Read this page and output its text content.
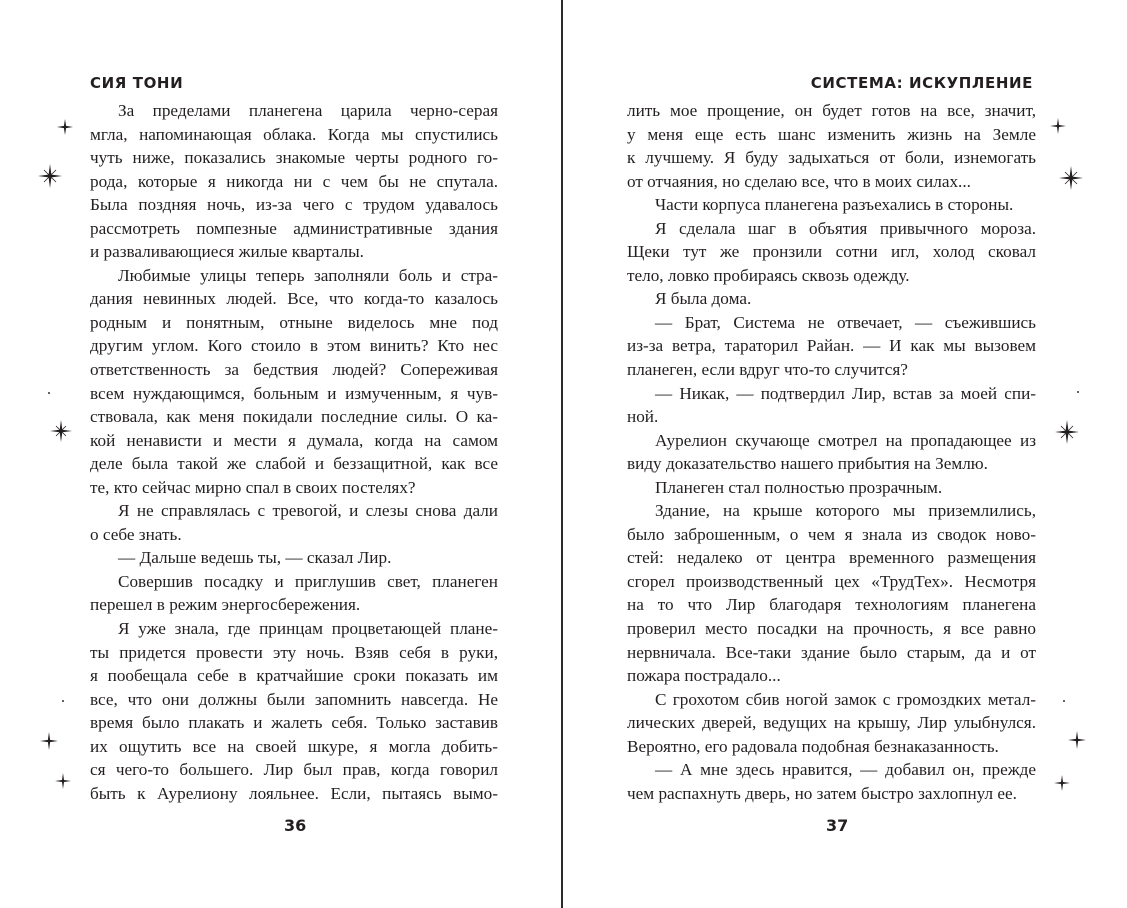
СИЯ ТОНИ
За пределами планегена царила черно-серая
мгла, напоминающая облака. Когда мы спустились
чуть ниже, показались знакомые черты родного го-
рода, которые я никогда ни с чем бы не спутала.
Была поздняя ночь, из-за чего с трудом удавалось
рассмотреть помпезные административные здания
и разваливающиеся жилые кварталы.
Любимые улицы теперь заполняли боль и стра-
дания невинных людей. Все, что когда-то казалось
родным и понятным, отныне виделось мне под
другим углом. Кого стоило в этом винить? Кто нес
ответственность за бедствия людей? Сопереживая
всем нуждающимся, больным и измученным, я чув-
ствовала, как меня покидали последние силы. О ка-
кой ненависти и мести я думала, когда на самом
деле была такой же слабой и беззащитной, как все
те, кто сейчас мирно спал в своих постелях?
Я не справлялась с тревогой, и слезы снова дали
о себе знать.
— Дальше ведешь ты, — сказал Лир.
Совершив посадку и приглушив свет, планеген
перешел в режим энергосбережения.
Я уже знала, где принцам процветающей плане-
ты придется провести эту ночь. Взяв себя в руки,
я пообещала себе в кратчайшие сроки показать им
все, что они должны были запомнить навсегда. Не
время было плакать и жалеть себя. Только заставив
их ощутить все на своей шкуре, я могла добить-
ся чего-то большего. Лир был прав, когда говорил
быть к Аурелиону лояльнее. Если, пытаясь вымо-
36
СИСТЕМА: ИСКУПЛЕНИЕ
лить мое прощение, он будет готов на все, значит,
у меня еще есть шанс изменить жизнь на Земле
к лучшему. Я буду задыхаться от боли, изнемогать
от отчаяния, но сделаю все, что в моих силах...
Части корпуса планегена разъехались в стороны.
Я сделала шаг в объятия привычного мороза.
Щеки тут же пронзили сотни игл, холод сковал
тело, ловко пробираясь сквозь одежду.
Я была дома.
— Брат, Система не отвечает, — съежившись
из-за ветра, тараторил Райан. — И как мы вызовем
планеген, если вдруг что-то случится?
— Никак, — подтвердил Лир, встав за моей спи-
ной.
Аурелион скучающе смотрел на пропадающее из
виду доказательство нашего прибытия на Землю.
Планеген стал полностью прозрачным.
Здание, на крыше которого мы приземлились,
было заброшенным, о чем я знала из сводок ново-
стей: недалеко от центра временного размещения
сгорел производственный цех «ТрудТех». Несмотря
на то что Лир благодаря технологиям планегена
проверил место посадки на прочность, я все равно
нервничала. Все-таки здание было старым, да и от
пожара пострадало...
С грохотом сбив ногой замок с громоздких метал-
лических дверей, ведущих на крышу, Лир улыбнулся.
Вероятно, его радовала подобная безнаказанность.
— А мне здесь нравится, — добавил он, прежде
чем распахнуть дверь, но затем быстро захлопнул ее.
37
